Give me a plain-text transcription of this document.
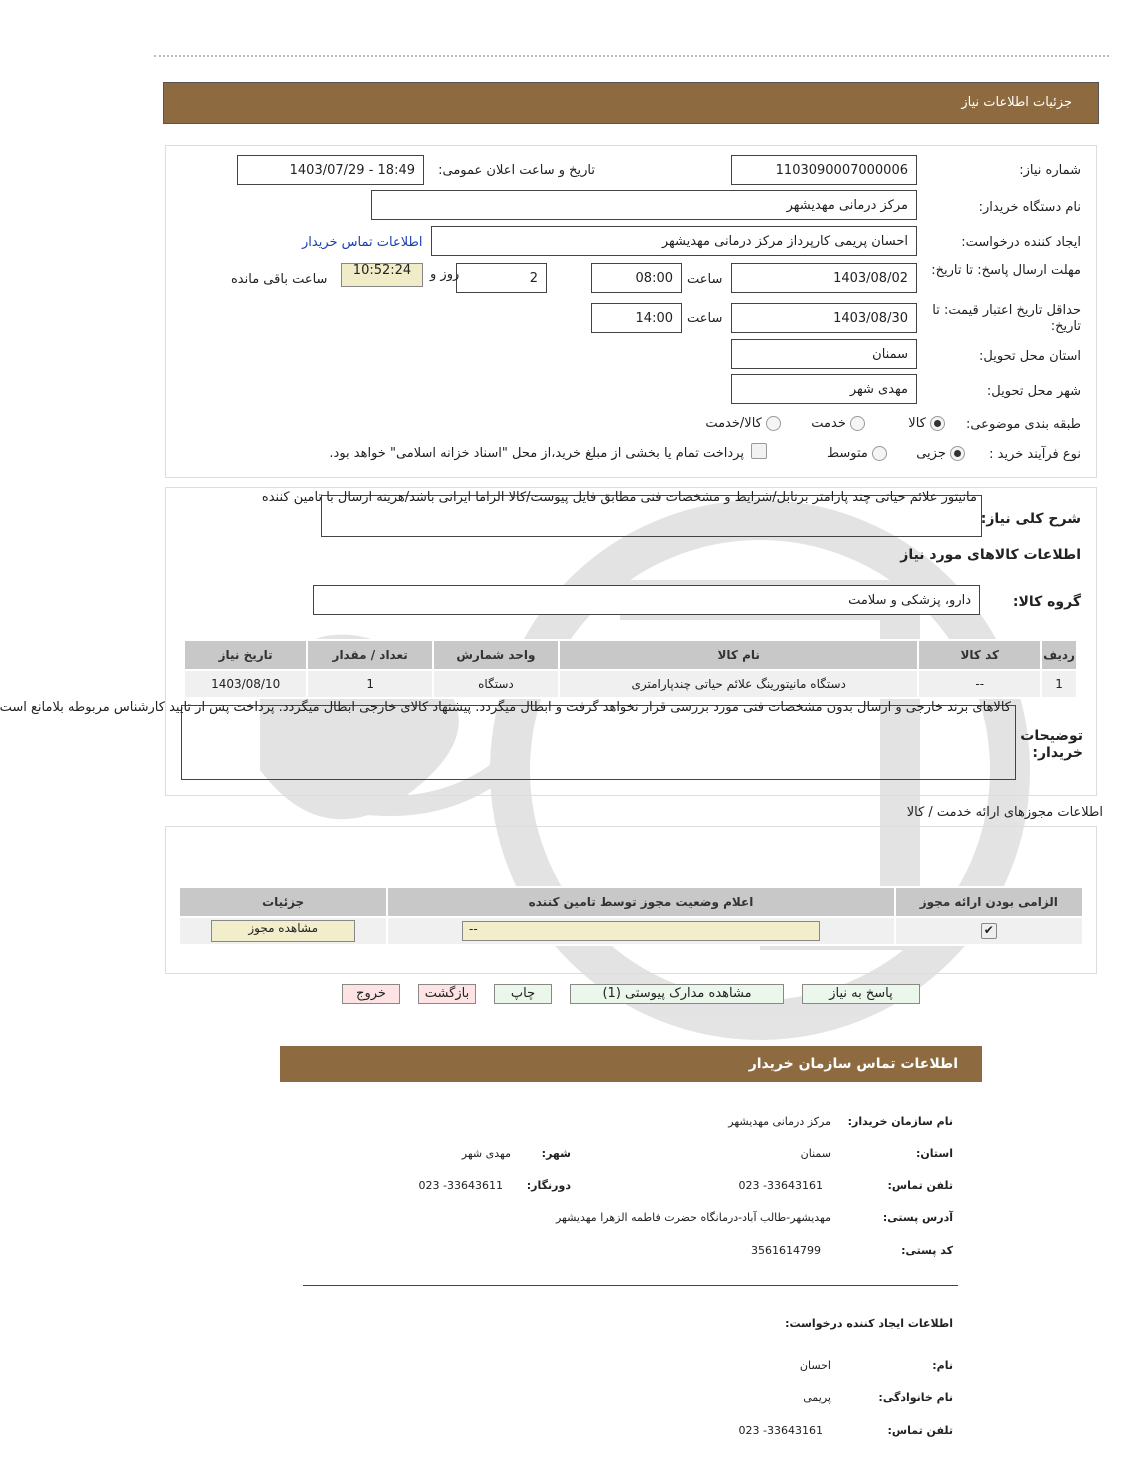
جزئیات اطلاعات نیاز
شماره نیاز:
1103090007000006
تاریخ و ساعت اعلان عمومی:
1403/07/29 - 18:49
نام دستگاه خریدار:
مرکز درمانی مهدیشهر
ایجاد کننده درخواست:
احسان پریمی کارپرداز مرکز درمانی مهدیشهر
اطلاعات تماس خریدار
مهلت ارسال پاسخ: تا تاریخ:
1403/08/02
ساعت
08:00
2
روز و
10:52:24
ساعت باقی مانده
حداقل تاریخ اعتبار قیمت: تا تاریخ:
1403/08/30
ساعت
14:00
استان محل تحویل:
سمنان
شهر محل تحویل:
مهدی شهر
طبقه بندی موضوعی:
کالا
خدمت
کالا/خدمت
نوع فرآیند خرید :
جزیی
متوسط
پرداخت تمام یا بخشی از مبلغ خرید،از محل "اسناد خزانه اسلامی" خواهد بود.
شرح کلی نیاز:
مانیتور علائم حیاتی چند پارامتر برنابل/شرایط و مشخصات فنی مطابق فایل پیوست/کالا الزاما ایرانی باشد/هزینه ارسال با تامین کننده
اطلاعات کالاهای مورد نیاز
گروه کالا:
دارو، پزشکی و سلامت
ردیف	کد کالا	نام کالا	واحد شمارش	تعداد / مقدار	تاریخ نیاز
1	--	دستگاه مانیتورینگ علائم حیاتی چندپارامتری	دستگاه	1	1403/08/10
توضیحات خریدار:
کالاهای برند خارجی و ارسال بدون مشخصات فنی مورد بررسی قرار نخواهد گرفت و ابطال میگردد. پیشنهاد کالای خارجی ابطال میگردد. پرداخت پس از تایید کارشناس مربوطه بلامانع است
اطلاعات مجوزهای ارائه خدمت / کالا
الزامی بودن ارائه مجوز	اعلام وضعیت مجوز توسط تامین کننده	جزئیات
✔	--	مشاهده مجوز
پاسخ به نیاز
مشاهده مدارک پیوستی (1)
چاپ
بازگشت
خروج
اطلاعات تماس سازمان خریدار
نام سازمان خریدار:
مرکز درمانی مهدیشهر
استان:
سمنان
شهر:
مهدی شهر
تلفن تماس:
023 -33643161
دورنگار:
023 -33643611
آدرس پستی:
مهدیشهر-طالب آباد-درمانگاه حضرت فاطمه الزهرا مهدیشهر
کد پستی:
3561614799
اطلاعات ایجاد کننده درخواست:
نام:
احسان
نام خانوادگی:
پریمی
تلفن تماس:
023 -33643161
